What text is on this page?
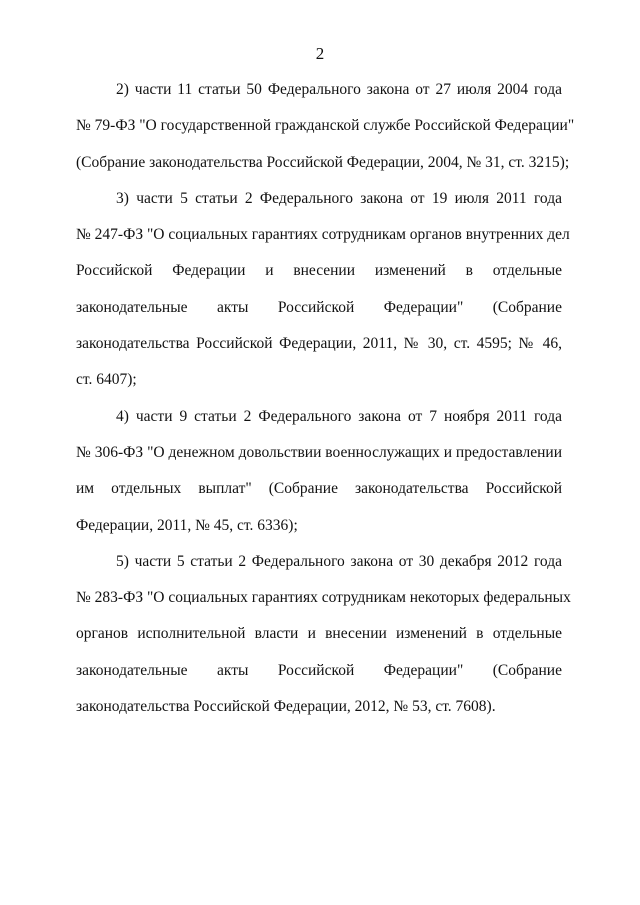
2
2) части 11 статьи 50 Федерального закона от 27 июля 2004 года
№ 79-ФЗ "О государственной гражданской службе Российской Федерации"
(Собрание законодательства Российской Федерации, 2004, № 31, ст. 3215);
3) части 5 статьи 2 Федерального закона от 19 июля 2011 года
№ 247-ФЗ "О социальных гарантиях сотрудникам органов внутренних дел
Российской Федерации и внесении изменений в отдельные
законодательные акты Российской Федерации" (Собрание
законодательства Российской Федерации, 2011, № 30, ст. 4595; № 46,
ст. 6407);
4) части 9 статьи 2 Федерального закона от 7 ноября 2011 года
№ 306-ФЗ "О денежном довольствии военнослужащих и предоставлении
им отдельных выплат" (Собрание законодательства Российской
Федерации, 2011, № 45, ст. 6336);
5) части 5 статьи 2 Федерального закона от 30 декабря 2012 года
№ 283-ФЗ "О социальных гарантиях сотрудникам некоторых федеральных
органов исполнительной власти и внесении изменений в отдельные
законодательные акты Российской Федерации" (Собрание
законодательства Российской Федерации, 2012, № 53, ст. 7608).
